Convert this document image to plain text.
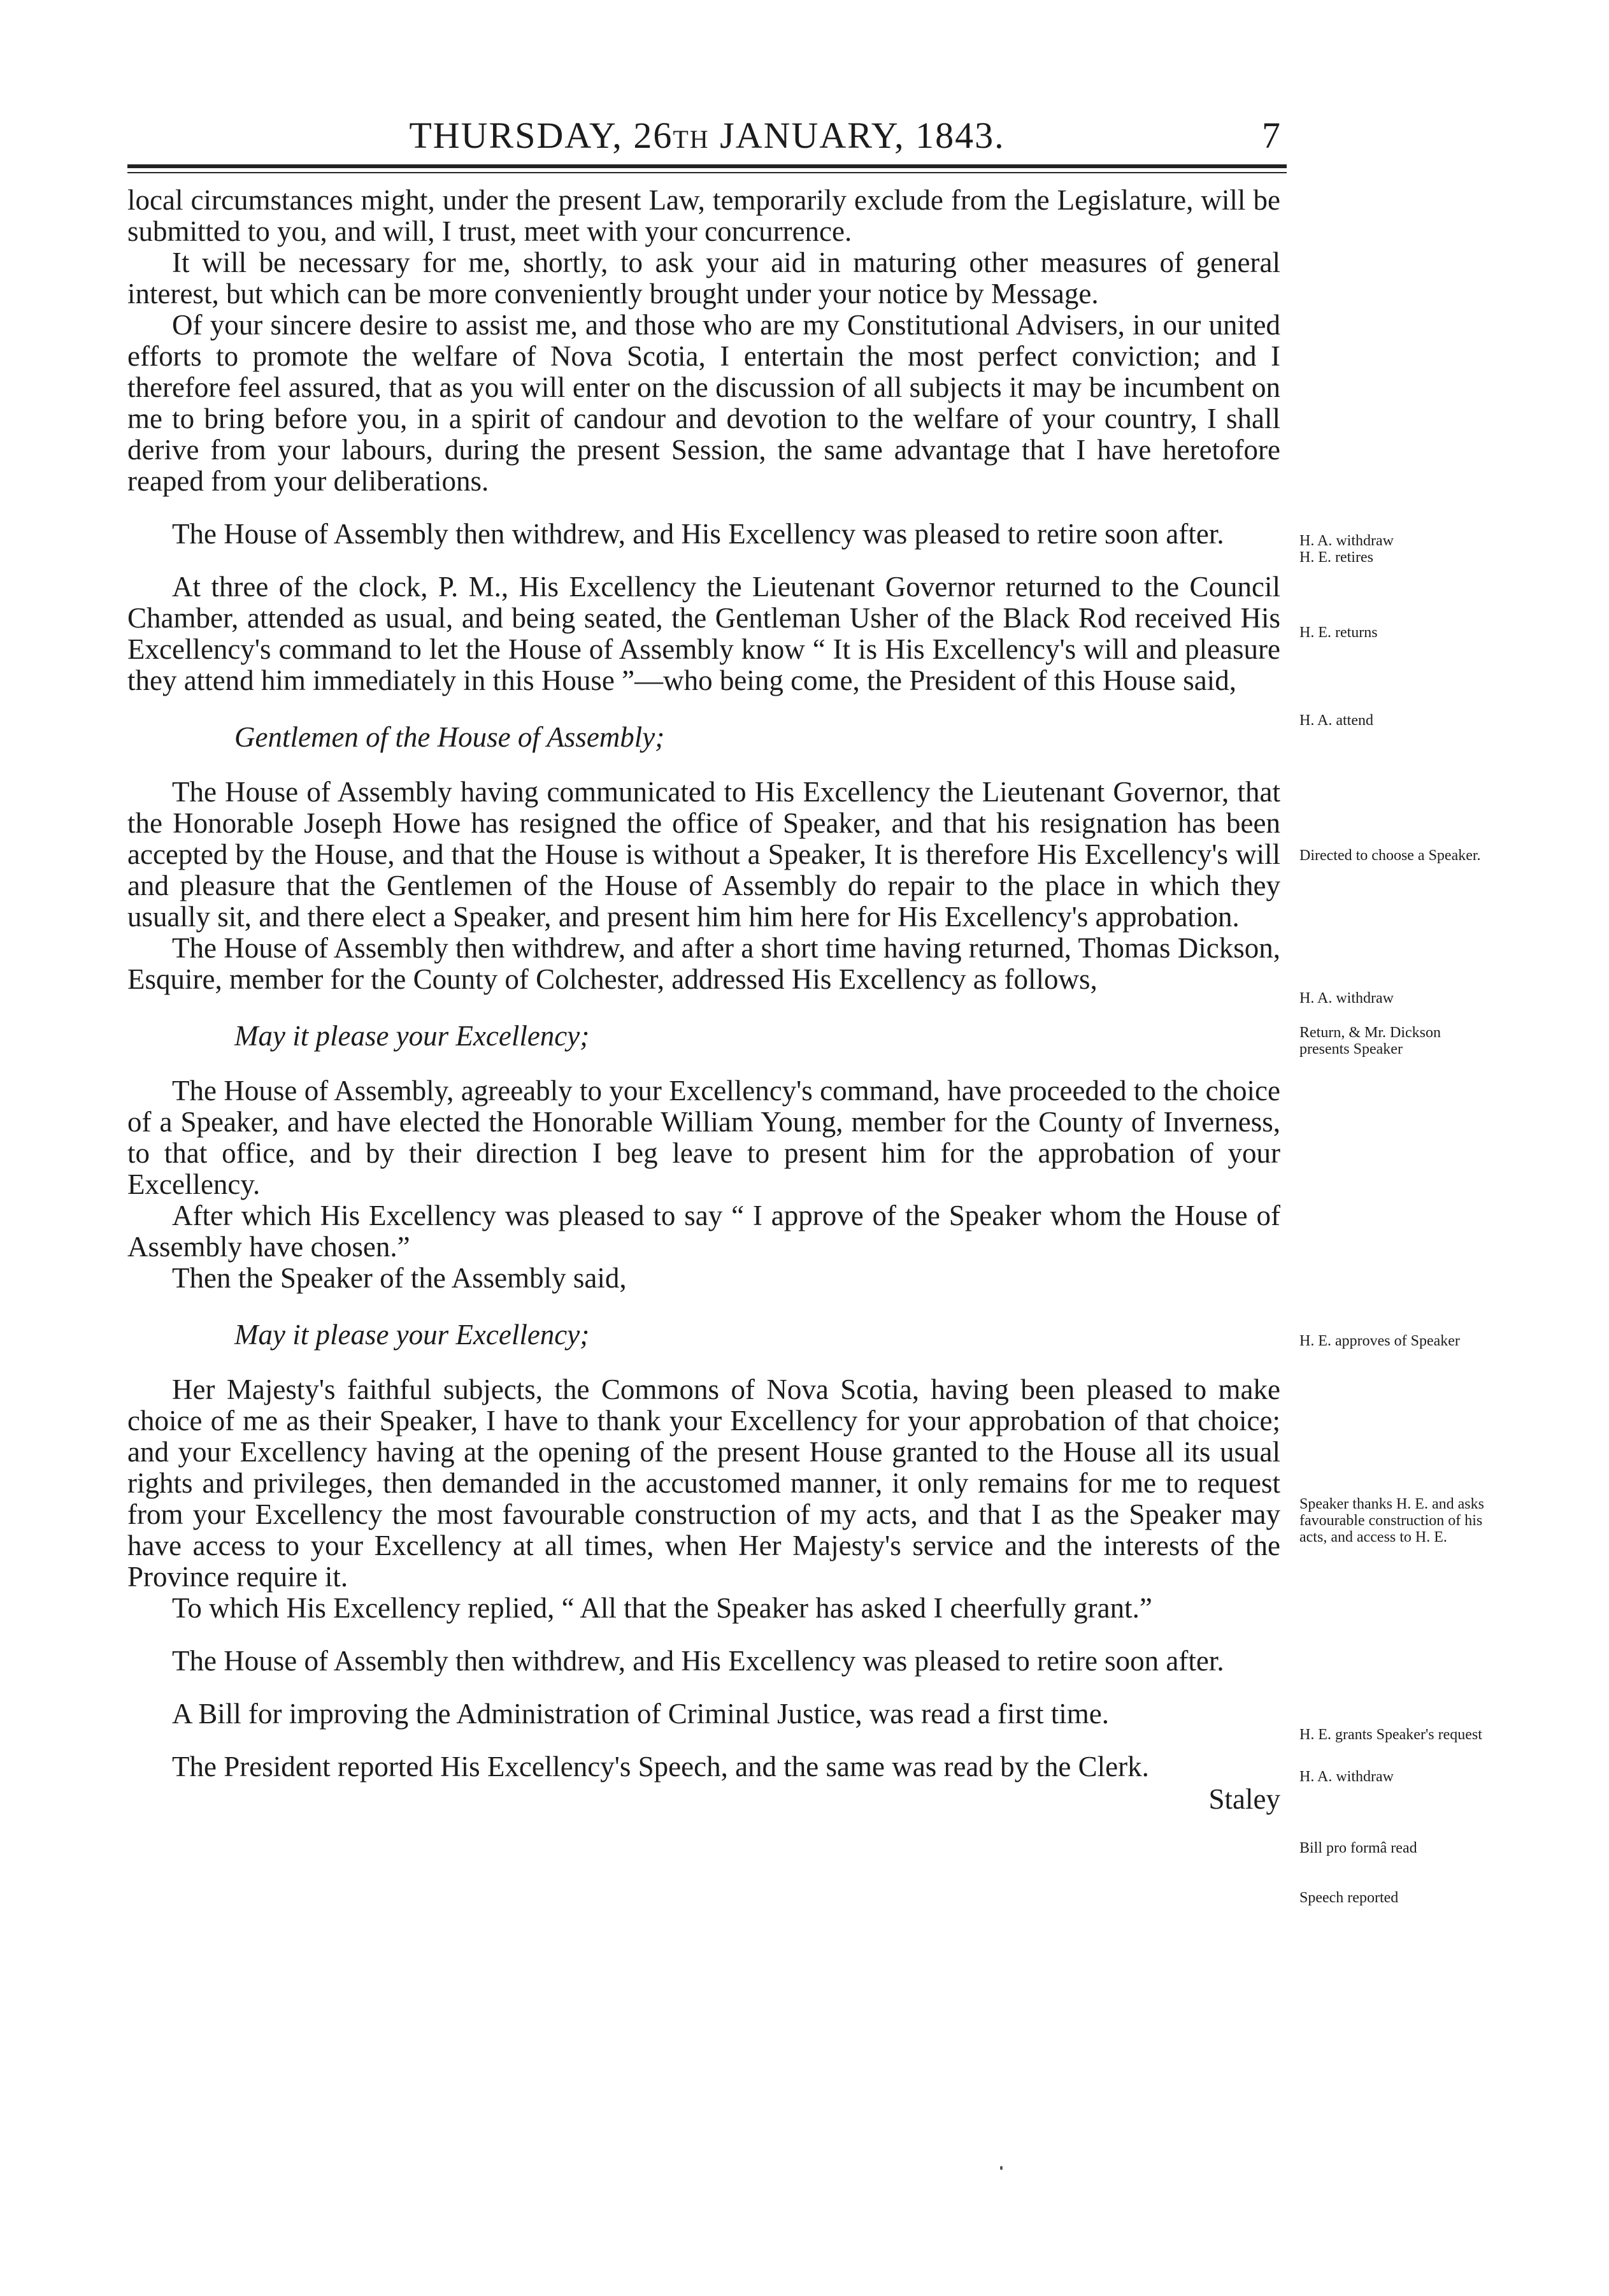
THURSDAY, 26TH JANUARY, 1843.	7

local circumstances might, under the present Law, temporarily exclude from the Legislature, will be submitted to you, and will, I trust, meet with your concurrence.

It will be necessary for me, shortly, to ask your aid in maturing other measures of general interest, but which can be more conveniently brought under your notice by Message.

Of your sincere desire to assist me, and those who are my Constitutional Advisers, in our united efforts to promote the welfare of Nova Scotia, I entertain the most perfect conviction; and I therefore feel assured, that as you will enter on the discussion of all subjects it may be incumbent on me to bring before you, in a spirit of candour and devotion to the welfare of your country, I shall derive from your labours, during the present Session, the same advantage that I have heretofore reaped from your deliberations.

The House of Assembly then withdrew, and His Excellency was pleased to retire soon after.

At three of the clock, P. M., His Excellency the Lieutenant Governor returned to the Council Chamber, attended as usual, and being seated, the Gentleman Usher of the Black Rod received His Excellency's command to let the House of Assembly know “ It is His Excellency's will and pleasure they attend him immediately in this House ”—who being come, the President of this House said,

Gentlemen of the House of Assembly;

The House of Assembly having communicated to His Excellency the Lieutenant Governor, that the Honorable Joseph Howe has resigned the office of Speaker, and that his resignation has been accepted by the House, and that the House is without a Speaker, It is therefore His Excellency's will and pleasure that the Gentlemen of the House of Assembly do repair to the place in which they usually sit, and there elect a Speaker, and present him him here for His Excellency's approbation.

The House of Assembly then withdrew, and after a short time having returned, Thomas Dickson, Esquire, member for the County of Colchester, addressed His Excellency as follows,

May it please your Excellency;

The House of Assembly, agreeably to your Excellency's command, have proceeded to the choice of a Speaker, and have elected the Honorable William Young, member for the County of Inverness, to that office, and by their direction I beg leave to present him for the approbation of your Excellency.

After which His Excellency was pleased to say “ I approve of the Speaker whom the House of Assembly have chosen.”

Then the Speaker of the Assembly said,

May it please your Excellency;

Her Majesty's faithful subjects, the Commons of Nova Scotia, having been pleased to make choice of me as their Speaker, I have to thank your Excellency for your approbation of that choice; and your Excellency having at the opening of the present House granted to the House all its usual rights and privileges, then demanded in the accustomed manner, it only remains for me to request from your Excellency the most favourable construction of my acts, and that I as the Speaker may have access to your Excellency at all times, when Her Majesty's service and the interests of the Province require it.

To which His Excellency replied, “ All that the Speaker has asked I cheerfully grant.”

The House of Assembly then withdrew, and His Excellency was pleased to retire soon after.

A Bill for improving the Administration of Criminal Justice, was read a first time.

The President reported His Excellency's Speech, and the same was read by the Clerk.

Staley

H. A. withdraw
H. E. retires
H. E. returns
H. A. attend
Directed to choose a Speaker.
H. A. withdraw
Return, & Mr. Dickson presents Speaker
H. E. approves of Speaker
Speaker thanks H. E. and asks favourable construction of his acts, and access to H. E.
H. E. grants Speaker's request
H. A. withdraw
Bill pro formâ read
Speech reported
